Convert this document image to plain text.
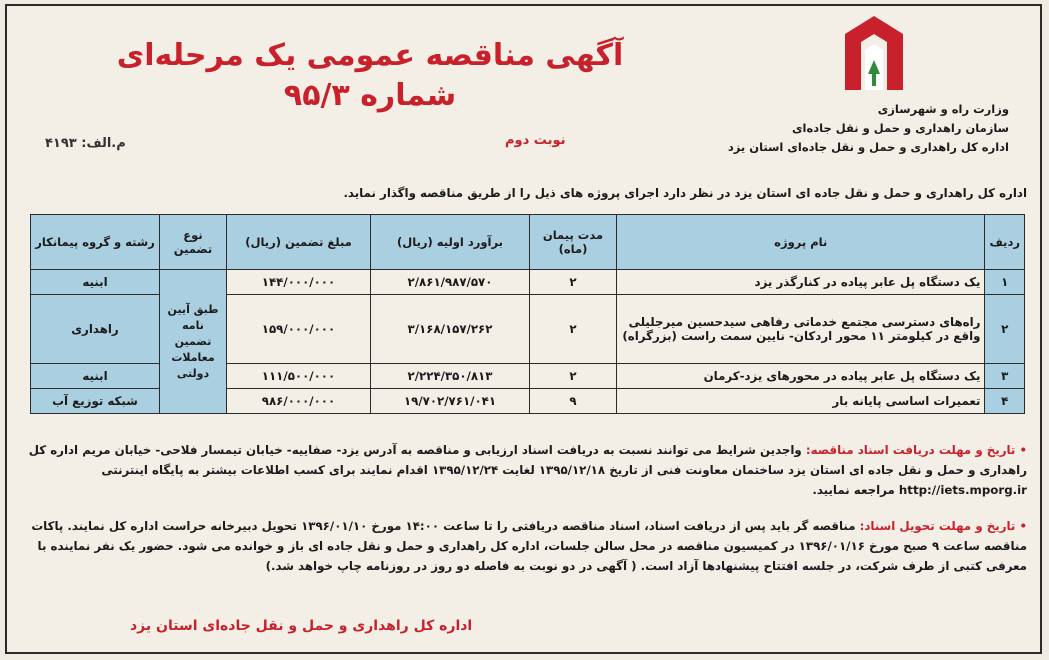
وزارت راه و شهرسازی
سازمان راهداری و حمل و نقل جاده‌ای
اداره کل راهداری و حمل و نقل جاده‌ای استان یزد
آگهی مناقصه عمومی یک مرحله‌ای
شماره ۹۵/۳
نوبت دوم
م.الف: ۴۱۹۳
اداره کل راهداری و حمل و نقل جاده ای استان یزد در نظر دارد اجرای پروژه های ذیل را از طریق مناقصه واگذار نماید.
ردیف	نام پروژه	مدت پیمان (ماه)	برآورد اولیه (ریال)	مبلغ تضمین (ریال)	نوع تضمین	رشته و گروه پیمانکار
۱	یک دستگاه پل عابر پیاده در کنارگذر یزد	۲	۲/۸۶۱/۹۸۷/۵۷۰	۱۴۴/۰۰۰/۰۰۰	طبق آیین نامه تضمین معاملات دولتی	ابنیه
۲	راه‌های دسترسی مجتمع خدماتی رفاهی سیدحسین میرجلیلی واقع در کیلومتر ۱۱ محور اردکان- نایین سمت راست (بزرگراه)	۲	۳/۱۶۸/۱۵۷/۲۶۲	۱۵۹/۰۰۰/۰۰۰		راهداری
۳	یک دستگاه پل عابر پیاده در محورهای یزد-کرمان	۲	۲/۲۲۴/۳۵۰/۸۱۳	۱۱۱/۵۰۰/۰۰۰		ابنیه
۴	تعمیرات اساسی پایانه بار	۹	۱۹/۷۰۲/۷۶۱/۰۴۱	۹۸۶/۰۰۰/۰۰۰		شبکه توزیع آب
• تاریخ و مهلت دریافت اسناد مناقصه: واجدین شرایط می توانند نسبت به دریافت اسناد ارزیابی و مناقصه به آدرس یزد- صفاییه- خیابان تیمسار فلاحی- خیابان مریم اداره کل راهداری و حمل و نقل جاده ای استان یزد ساختمان معاونت فنی از تاریخ ۱۳۹۵/۱۲/۱۸ لغایت ۱۳۹۵/۱۲/۲۴ اقدام نمایند برای کسب اطلاعات بیشتر به پایگاه اینترنتی http://iets.mporg.ir مراجعه نمایید.
• تاریخ و مهلت تحویل اسناد: مناقصه گر باید پس از دریافت اسناد، اسناد مناقصه دریافتی را تا ساعت ۱۴:۰۰ مورخ ۱۳۹۶/۰۱/۱۰ تحویل دبیرخانه حراست اداره کل نمایند. پاکات مناقصه ساعت ۹ صبح مورخ ۱۳۹۶/۰۱/۱۶ در کمیسیون مناقصه در محل سالن جلسات، اداره کل راهداری و حمل و نقل جاده ای باز و خوانده می شود. حضور یک نفر نماینده با معرفی کتبی از طرف شرکت، در جلسه افتتاح پیشنهادها آزاد است. ( آگهی در دو نوبت به فاصله دو روز در روزنامه چاپ خواهد شد.)
اداره کل راهداری و حمل و نقل جاده‌ای استان یزد
